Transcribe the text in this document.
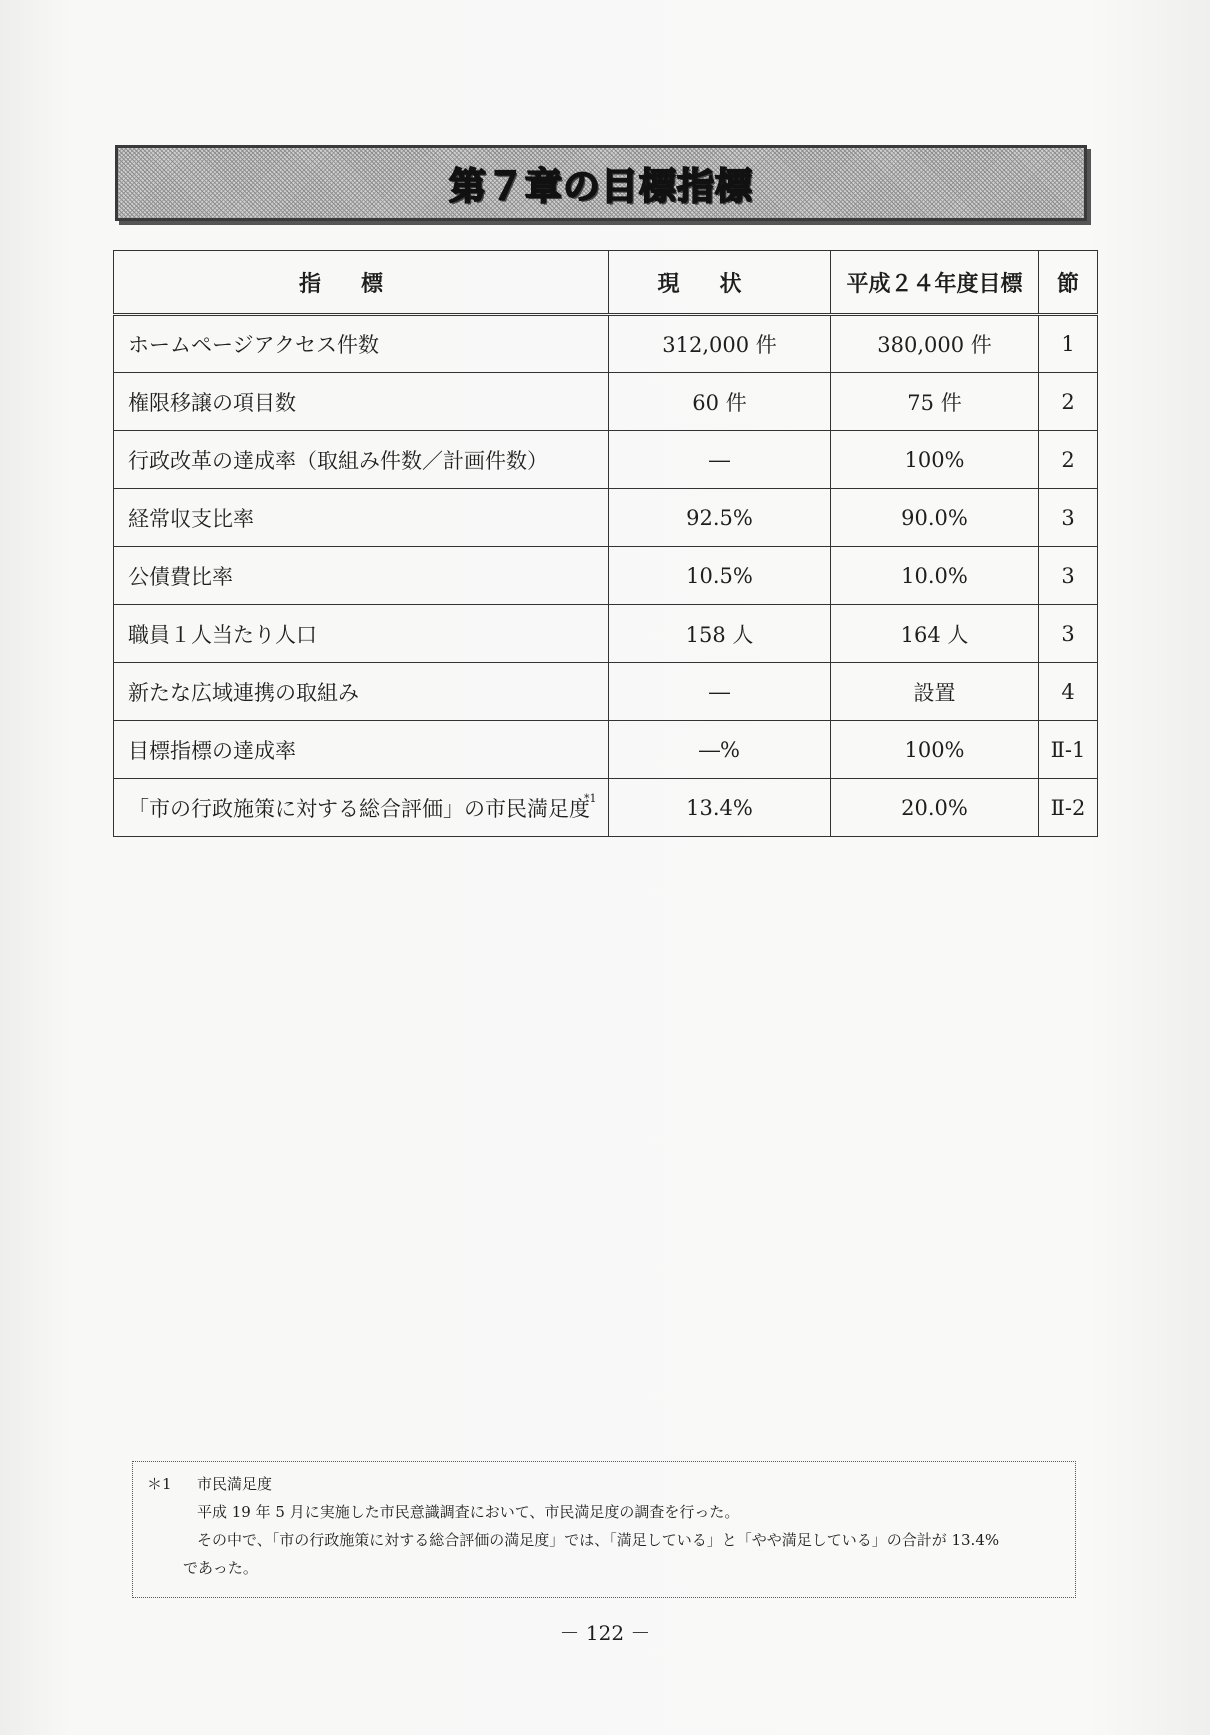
第７章の目標指標
指標	現状	平成２４年度目標	節
ホームページアクセス件数	312,000 件	380,000 件	1
権限移譲の項目数	60 件	75 件	2
行政改革の達成率（取組み件数／計画件数）	―	100%	2
経常収支比率	92.5%	90.0%	3
公債費比率	10.5%	10.0%	3
職員１人当たり人口	158 人	164 人	3
新たな広域連携の取組み	―	設置	4
目標指標の達成率	―%	100%	Ⅱ-1
「市の行政施策に対する総合評価」の市民満足度$^{*1}$	13.4%	20.0%	Ⅱ-2
＊1	市民満足度
平成 19 年 5 月に実施した市民意識調査において、市民満足度の調査を行った。
その中で、「市の行政施策に対する総合評価の満足度」では、「満足している」と「やや満足している」の合計が 13.4%
であった。
－ 122 －
